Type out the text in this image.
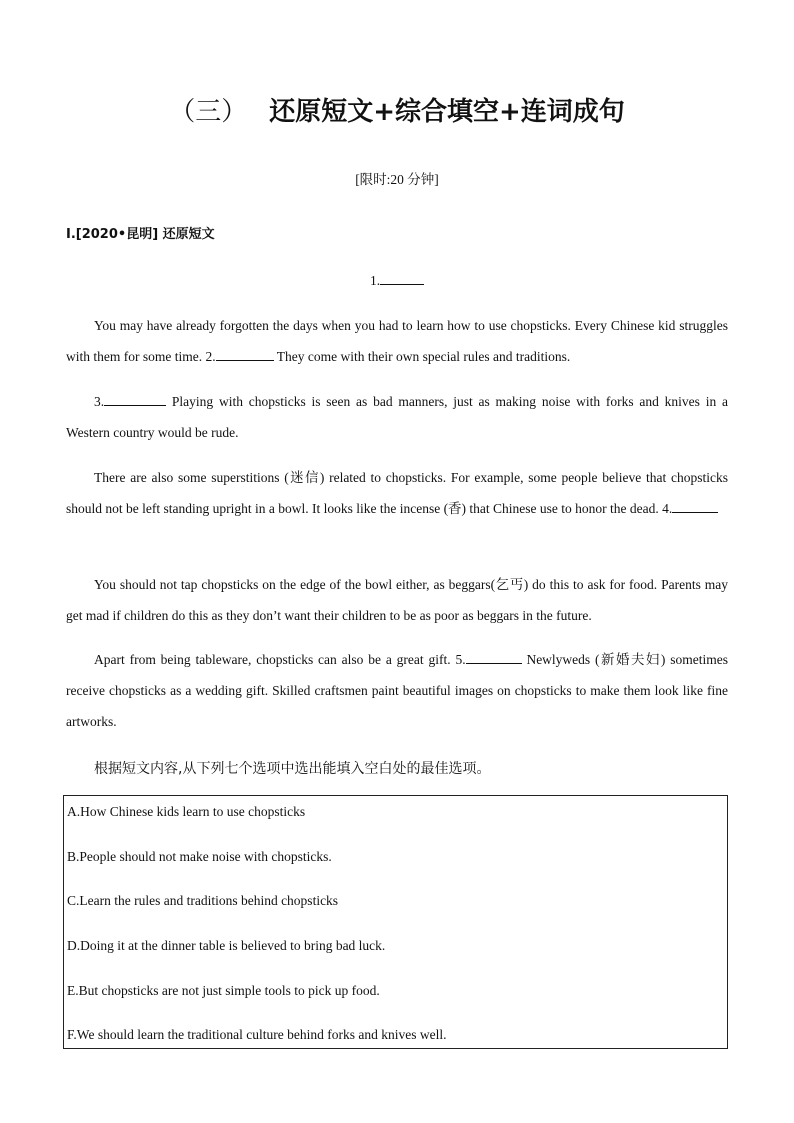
（三） 还原短文+综合填空+连词成句
[限时:20 分钟]
Ⅰ.[2020•昆明] 还原短文
1.
You may have already forgotten the days when you had to learn how to use chopsticks. Every Chinese kid struggles with them for some time. 2.	They come with their own special rules and traditions.
3.	Playing with chopsticks is seen as bad manners, just as making noise with forks and knives in a Western country would be rude.
There are also some superstitions (迷信) related to chopsticks. For example, some people believe that chopsticks should not be left standing upright in a bowl. It looks like the incense (香) that Chinese use to honor the dead. 4.
You should not tap chopsticks on the edge of the bowl either, as beggars(乞丐) do this to ask for food. Parents may get mad if children do this as they don’t want their children to be as poor as beggars in the future.
Apart from being tableware, chopsticks can also be a great gift. 5.	Newlyweds (新婚夫妇) sometimes receive chopsticks as a wedding gift. Skilled craftsmen paint beautiful images on chopsticks to make them look like fine artworks.
根据短文内容,从下列七个选项中选出能填入空白处的最佳选项。
A.How Chinese kids learn to use chopsticks
B.People should not make noise with chopsticks.
C.Learn the rules and traditions behind chopsticks
D.Doing it at the dinner table is believed to bring bad luck.
E.But chopsticks are not just simple tools to pick up food.
F.We should learn the traditional culture behind forks and knives well.
